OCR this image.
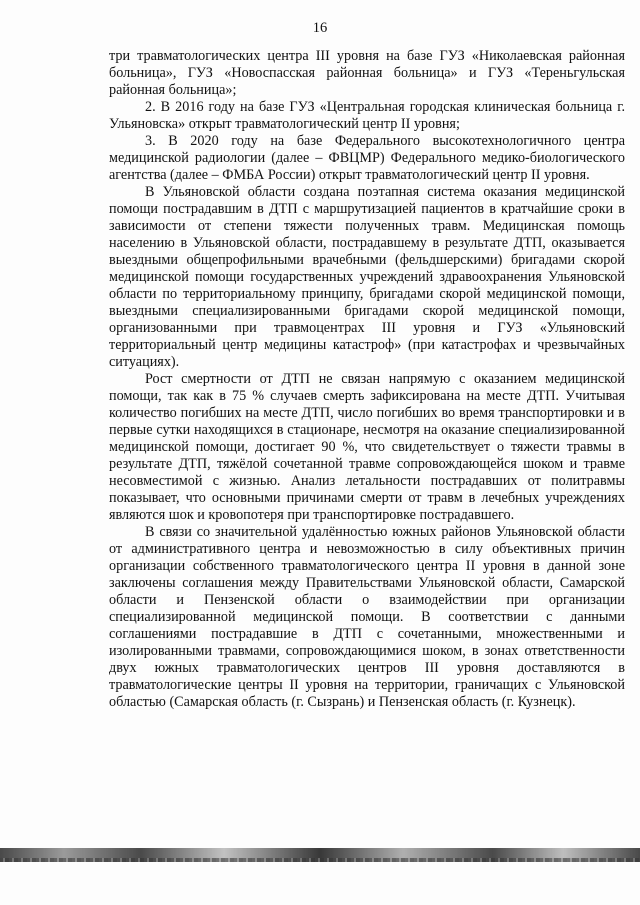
16

три травматологических центра III уровня на базе ГУЗ «Николаевская районная больница», ГУЗ «Новоспасская районная больница» и ГУЗ «Тереньгульская районная больница»;

2. В 2016 году на базе ГУЗ «Центральная городская клиническая больница г. Ульяновска» открыт травматологический центр II уровня;

3. В 2020 году на базе Федерального высокотехнологичного центра медицинской радиологии (далее – ФВЦМР) Федерального медико-биологического агентства (далее – ФМБА России) открыт травматологический центр II уровня.

В Ульяновской области создана поэтапная система оказания медицинской помощи пострадавшим в ДТП с маршрутизацией пациентов в кратчайшие сроки в зависимости от степени тяжести полученных травм. Медицинская помощь населению в Ульяновской области, пострадавшему в результате ДТП, оказывается выездными общепрофильными врачебными (фельдшерскими) бригадами скорой медицинской помощи государственных учреждений здравоохранения Ульяновской области по территориальному принципу, бригадами скорой медицинской помощи, выездными специализированными бригадами скорой медицинской помощи, организованными при травмоцентрах III уровня и ГУЗ «Ульяновский территориальный центр медицины катастроф» (при катастрофах и чрезвычайных ситуациях).

Рост смертности от ДТП не связан напрямую с оказанием медицинской помощи, так как в 75 % случаев смерть зафиксирована на месте ДТП. Учитывая количество погибших на месте ДТП, число погибших во время транспортировки и в первые сутки находящихся в стационаре, несмотря на оказание специализированной медицинской помощи, достигает 90 %, что свидетельствует о тяжести травмы в результате ДТП, тяжёлой сочетанной травме сопровождающейся шоком и травме несовместимой с жизнью. Анализ летальности пострадавших от политравмы показывает, что основными причинами смерти от травм в лечебных учреждениях являются шок и кровопотеря при транспортировке пострадавшего.

В связи со значительной удалённостью южных районов Ульяновской области от административного центра и невозможностью в силу объективных причин организации собственного травматологического центра II уровня в данной зоне заключены соглашения между Правительствами Ульяновской области, Самарской области и Пензенской области о взаимодействии при организации специализированной медицинской помощи. В соответствии с данными соглашениями пострадавшие в ДТП с сочетанными, множественными и изолированными травмами, сопровождающимися шоком, в зонах ответственности двух южных травматологических центров III уровня доставляются в травматологические центры II уровня на территории, граничащих с Ульяновской областью (Самарская область (г. Сызрань) и Пензенская область (г. Кузнецк).
